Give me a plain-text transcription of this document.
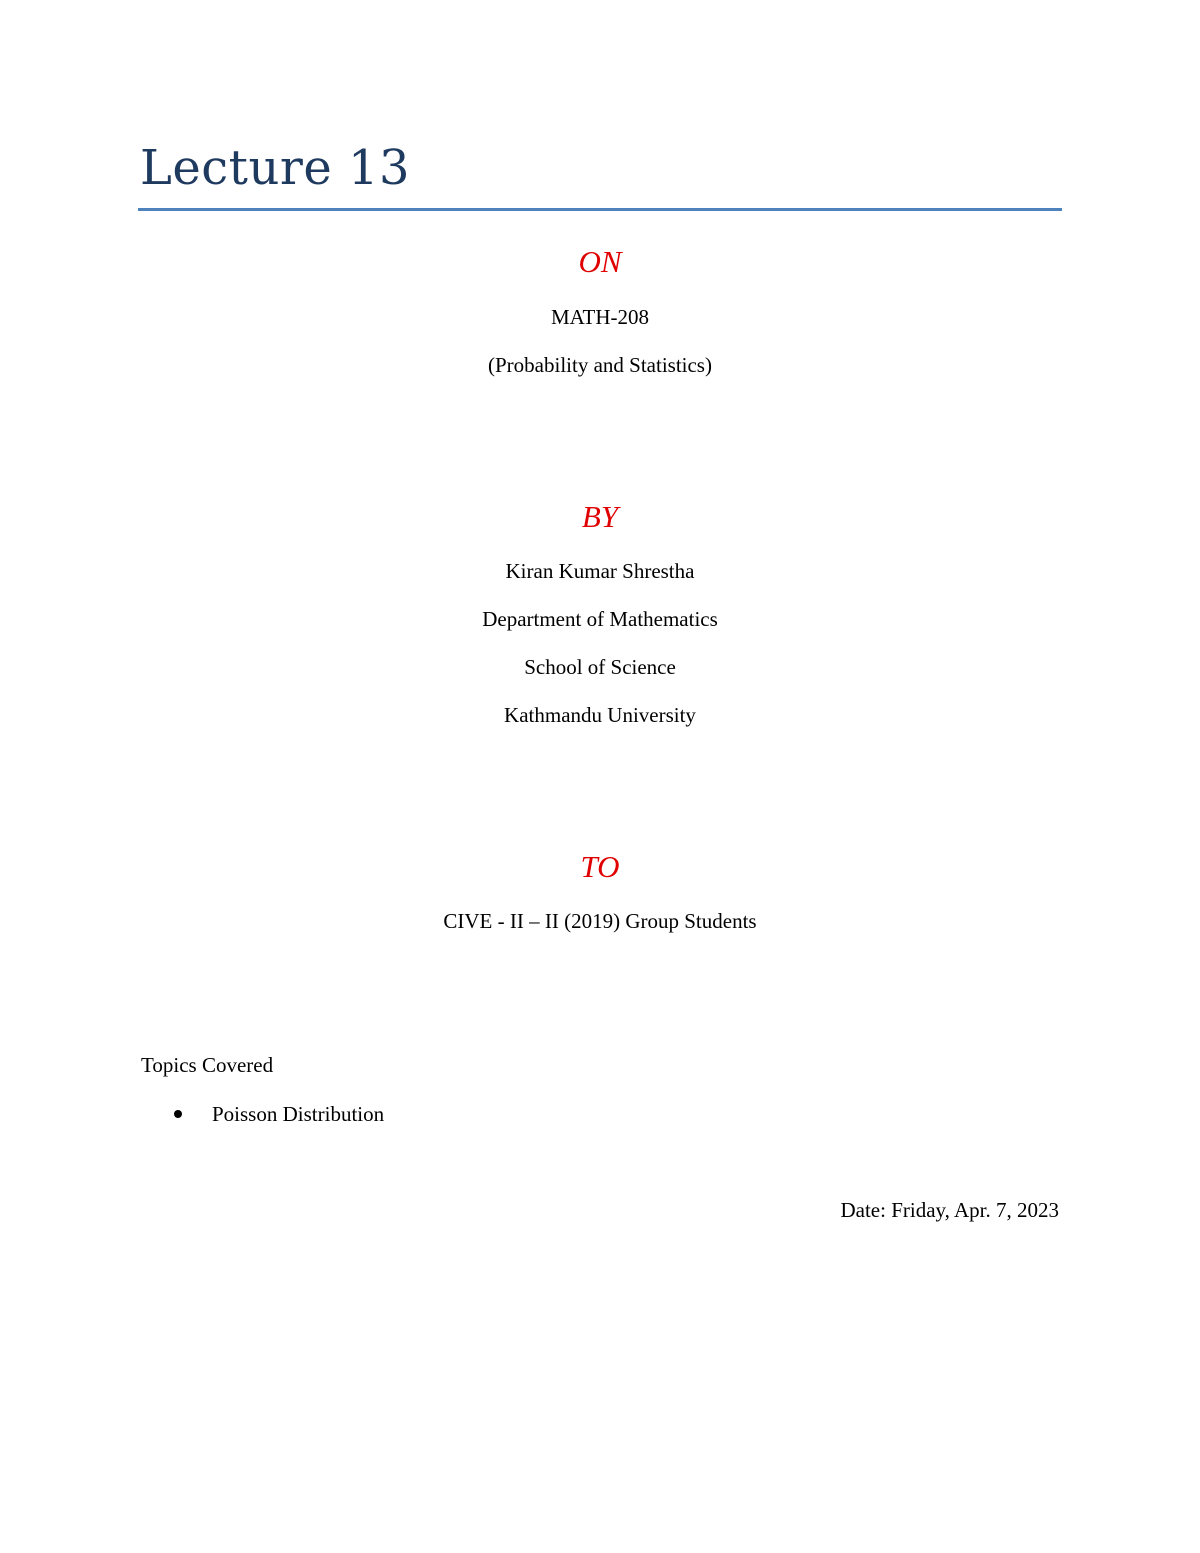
Lecture 13
ON
MATH-208
(Probability and Statistics)
BY
Kiran Kumar Shrestha
Department of Mathematics
School of Science
Kathmandu University
TO
CIVE - II – II (2019) Group Students
Topics Covered
Poisson Distribution
Date: Friday, Apr. 7, 2023
